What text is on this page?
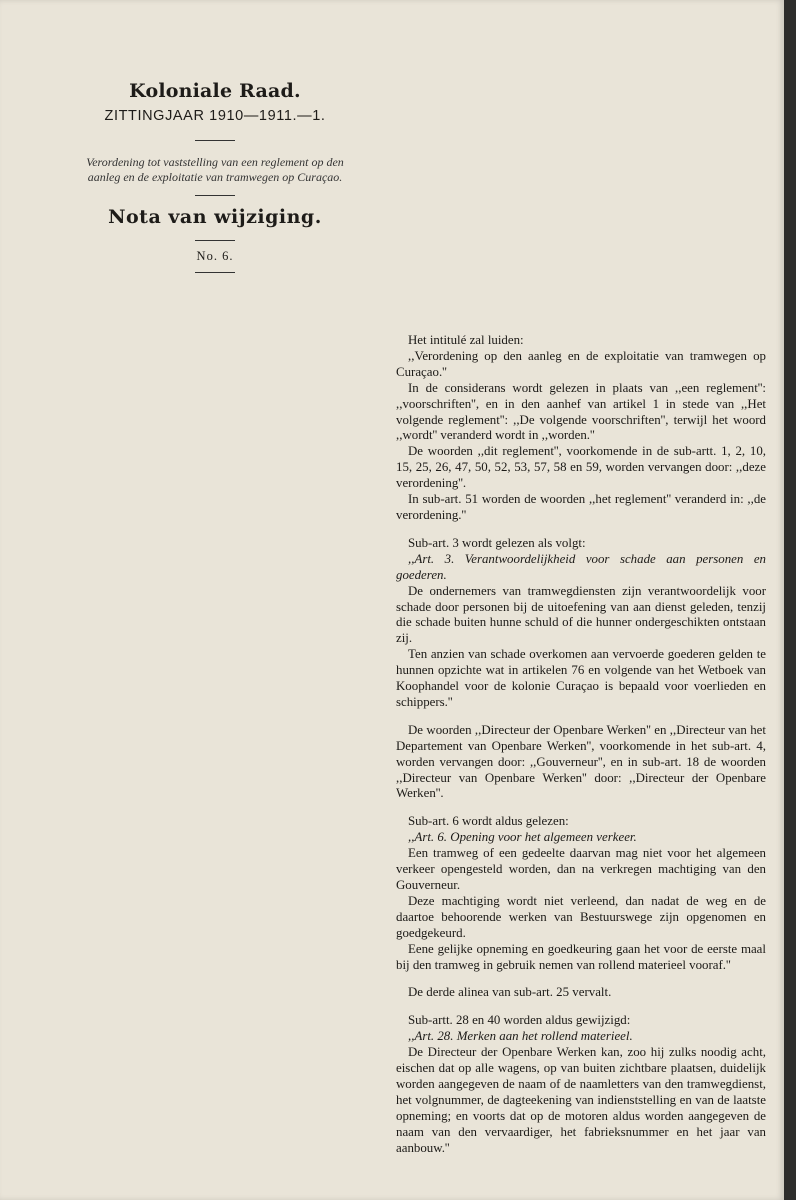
Koloniale Raad.
ZITTINGJAAR 1910—1911.—1.
Verordening tot vaststelling van een reglement op den aanleg en de exploitatie van tramwegen op Curaçao.
Nota van wijziging.
No. 6.

Het intitulé zal luiden:

,,Verordening op den aanleg en de exploitatie van tramwegen op Curaçao.''

In de considerans wordt gelezen in plaats van ,,een reglement'': ,,voorschriften'', en in den aanhef van artikel 1 in stede van ,,Het volgende reglement'': ,,De volgende voorschriften'', terwijl het woord ,,wordt'' veranderd wordt in ,,worden.''

De woorden ,,dit reglement'', voorkomende in de sub-artt. 1, 2, 10, 15, 25, 26, 47, 50, 52, 53, 57, 58 en 59, worden vervangen door: ,,deze verordening''.

In sub-art. 51 worden de woorden ,,het reglement'' veranderd in: ,,de verordening.''

Sub-art. 3 wordt gelezen als volgt:

,,Art. 3. Verantwoordelijkheid voor schade aan personen en goederen.

De ondernemers van tramwegdiensten zijn verantwoordelijk voor schade door personen bij de uitoefening van aan dienst geleden, tenzij die schade buiten hunne schuld of die hunner ondergeschikten ontstaan zij.

Ten anzien van schade overkomen aan vervoerde goederen gelden te hunnen opzichte wat in artikelen 76 en volgende van het Wetboek van Koophandel voor de kolonie Curaçao is bepaald voor voerlieden en schippers.''

De woorden ,,Directeur der Openbare Werken'' en ,,Directeur van het Departement van Openbare Werken'', voorkomende in het sub-art. 4, worden vervangen door: ,,Gouverneur'', en in sub-art. 18 de woorden ,,Directeur van Openbare Werken'' door: ,,Directeur der Openbare Werken''.

Sub-art. 6 wordt aldus gelezen:

,,Art. 6. Opening voor het algemeen verkeer.

Een tramweg of een gedeelte daarvan mag niet voor het algemeen verkeer opengesteld worden, dan na verkregen machtiging van den Gouverneur.

Deze machtiging wordt niet verleend, dan nadat de weg en de daartoe behoorende werken van Bestuurswege zijn opgenomen en goedgekeurd.

Eene gelijke opneming en goedkeuring gaan het voor de eerste maal bij den tramweg in gebruik nemen van rollend materieel vooraf.''

De derde alinea van sub-art. 25 vervalt.

Sub-artt. 28 en 40 worden aldus gewijzigd:

,,Art. 28. Merken aan het rollend materieel.

De Directeur der Openbare Werken kan, zoo hij zulks noodig acht, eischen dat op alle wagens, op van buiten zichtbare plaatsen, duidelijk worden aangegeven de naam of de naamletters van den tramwegdienst, het volgnummer, de dagteekening van indienststelling en van de laatste opneming; en voorts dat op de motoren aldus worden aangegeven de naam van den vervaardiger, het fabrieksnummer en het jaar van aanbouw.''
